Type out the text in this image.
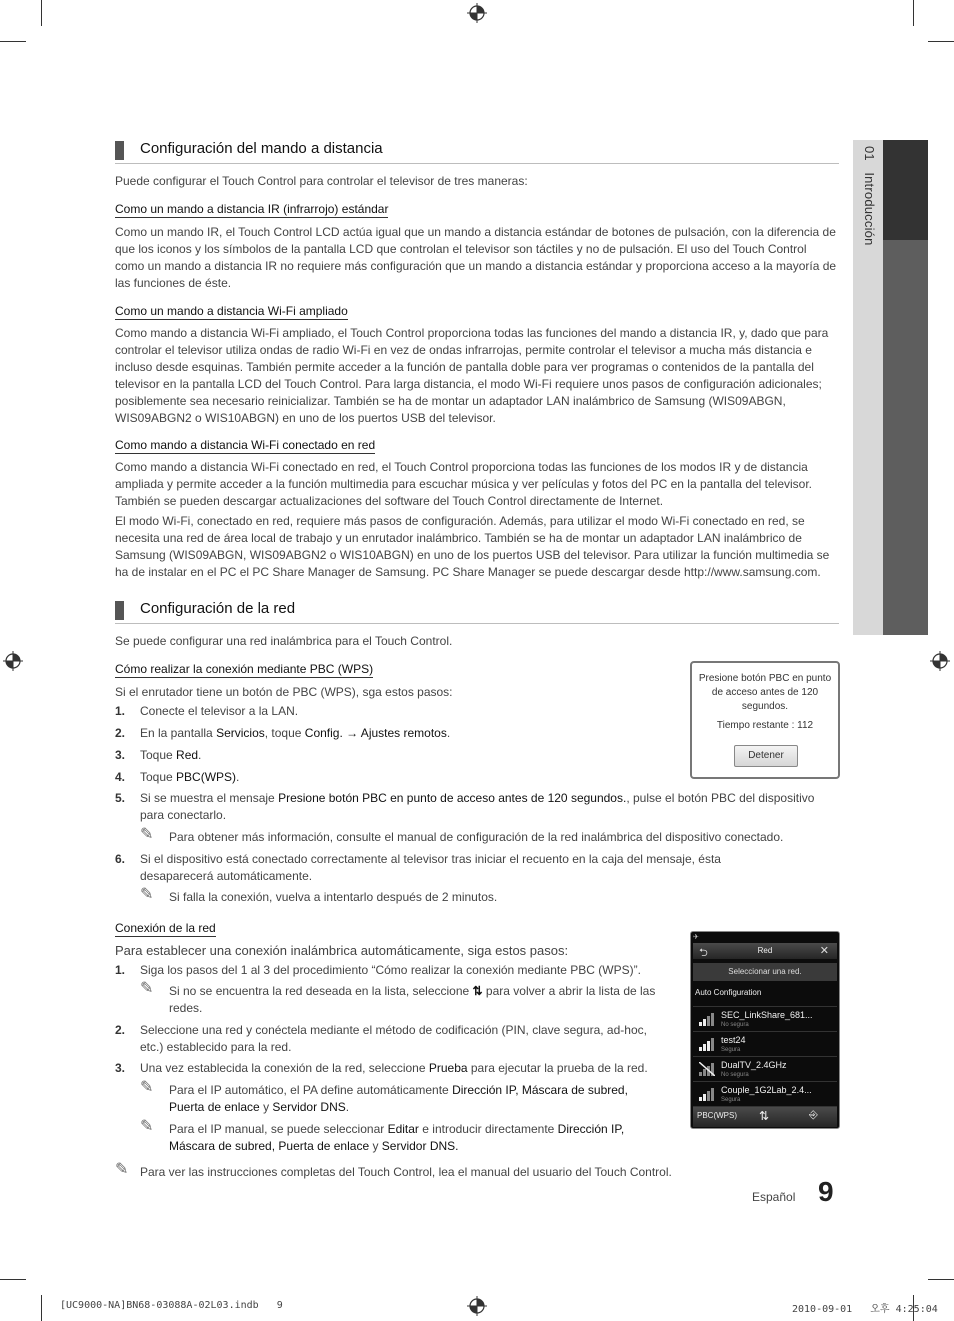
01   Introducción
Configuración del mando a distancia
Puede configurar el Touch Control para controlar el televisor de tres maneras:
Como un mando a distancia IR (infrarrojo) estándar
Como un mando IR, el Touch Control LCD actúa igual que un mando a distancia estándar de botones de pulsación, con la diferencia de que los iconos y los símbolos de la pantalla LCD que controlan el televisor son táctiles y no de pulsación. El uso del Touch Control como un mando a distancia IR no requiere más configuración que un mando a distancia estándar y proporciona acceso a la mayoría de las funciones de éste.
Como un mando a distancia Wi-Fi ampliado
Como mando a distancia Wi-Fi ampliado, el Touch Control proporciona todas las funciones del mando a distancia IR, y, dado que para controlar el televisor utiliza ondas de radio Wi-Fi en vez de ondas infrarrojas, permite controlar el televisor a mucha más distancia e incluso desde esquinas. También permite acceder a la función de pantalla doble para ver programas o contenidos de la pantalla del televisor en la pantalla LCD del Touch Control. Para larga distancia, el modo Wi-Fi requiere unos pasos de configuración adicionales; posiblemente sea necesario reinicializar. También se ha de montar un adaptador LAN inalámbrico de Samsung (WIS09ABGN, WIS09ABGN2 o WIS10ABGN) en uno de los puertos USB del televisor.
Como mando a distancia Wi-Fi conectado en red
Como mando a distancia Wi-Fi conectado en red, el Touch Control proporciona todas las funciones de los modos IR y de distancia ampliada y permite acceder a la función multimedia para escuchar música y ver películas y fotos del PC en la pantalla del televisor. También se pueden descargar actualizaciones del software del Touch Control directamente de Internet.
El modo Wi-Fi, conectado en red, requiere más pasos de configuración. Además, para utilizar el modo Wi-Fi conectado en red, se necesita una red de área local de trabajo y un enrutador inalámbrico. También se ha de montar un adaptador LAN inalámbrico de Samsung (WIS09ABGN, WIS09ABGN2 o WIS10ABGN) en uno de los puertos USB del televisor. Para utilizar la función multimedia se ha de instalar en el PC el PC Share Manager de Samsung. PC Share Manager se puede descargar desde http://www.samsung.com.
Configuración de la red
Se puede configurar una red inalámbrica para el Touch Control.
Cómo realizar la conexión mediante PBC (WPS)
Si el enrutador tiene un botón de PBC (WPS), sga estos pasos:
1. Conecte el televisor a la LAN.
2. En la pantalla Servicios, toque Config. → Ajustes remotos.
3. Toque Red.
4. Toque PBC(WPS).
5. Si se muestra el mensaje Presione botón PBC en punto de acceso antes de 120 segundos., pulse el botón PBC del dispositivo para conectarlo.
✎ Para obtener más información, consulte el manual de configuración de la red inalámbrica del dispositivo conectado.
6. Si el dispositivo está conectado correctamente al televisor tras iniciar el recuento en la caja del mensaje, ésta desaparecerá automáticamente.
✎ Si falla la conexión, vuelva a intentarlo después de 2 minutos.
Conexión de la red
Para establecer una conexión inalámbrica automáticamente, siga estos pasos:
1. Siga los pasos del 1 al 3 del procedimiento “Cómo realizar la conexión mediante PBC (WPS)”.
✎ Si no se encuentra la red deseada en la lista, seleccione ⇅ para volver a abrir la lista de las redes.
2. Seleccione una red y conéctela mediante el método de codificación (PIN, clave segura, ad-hoc, etc.) establecido para la red.
3. Una vez establecida la conexión de la red, seleccione Prueba para ejecutar la prueba de la red.
✎ Para el IP automático, el PA define automáticamente Dirección IP, Máscara de subred, Puerta de enlace y Servidor DNS.
✎ Para el IP manual, se puede seleccionar Editar e introducir directamente Dirección IP, Máscara de subred, Puerta de enlace y Servidor DNS.
✎ Para ver las instrucciones completas del Touch Control, lea el manual del usuario del Touch Control.
Presione botón PBC en punto de acceso antes de 120 segundos.
Tiempo restante : 112
Detener
✈
⮌	Red	✕
Seleccionar una red.
Auto Configuration
SEC_LinkShare_681...
No segura
test24
Segura
DualTV_2.4GHz
No segura
Couple_1G2Lab_2.4...
Segura
PBC(WPS) ⇅	⎆
Español 9
[UC9000-NA]BN68-03088A-02L03.indb   9	2010-09-01   오후 4:25:04
